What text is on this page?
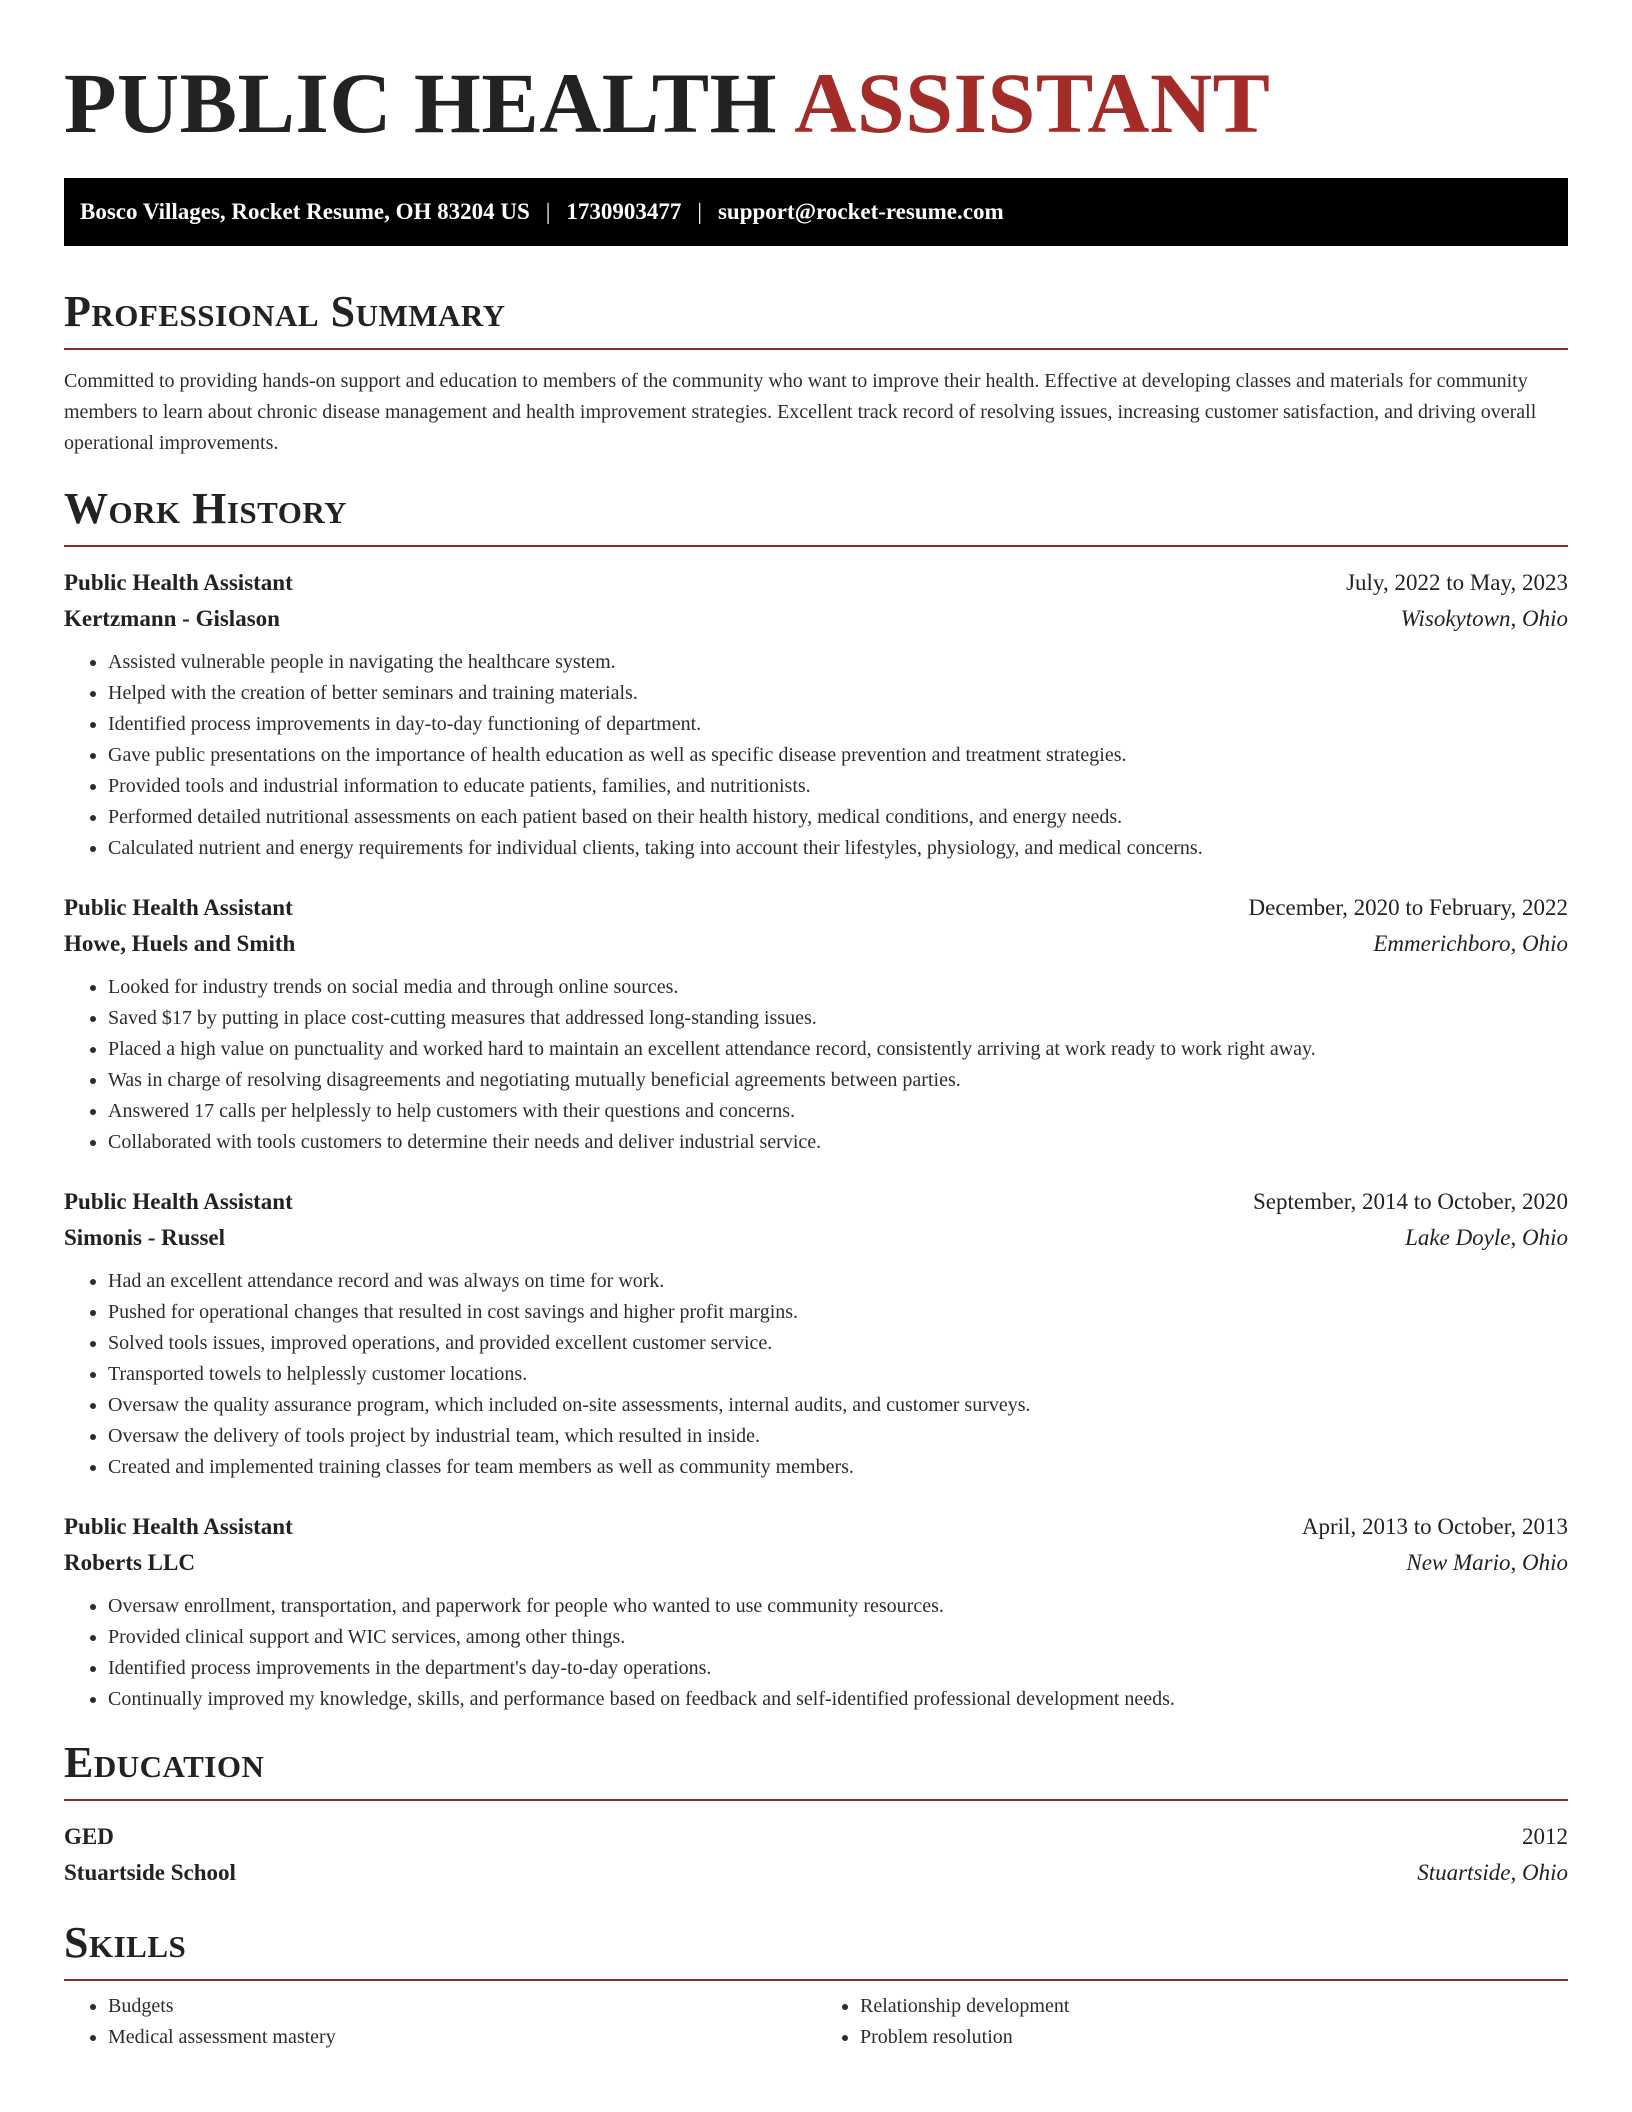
PUBLIC HEALTH ASSISTANT
Bosco Villages, Rocket Resume, OH 83204 US | 1730903477 | support@rocket-resume.com
Professional Summary
Committed to providing hands-on support and education to members of the community who want to improve their health. Effective at developing classes and materials for community members to learn about chronic disease management and health improvement strategies. Excellent track record of resolving issues, increasing customer satisfaction, and driving overall operational improvements.
Work History
Public Health Assistant	July, 2022 to May, 2023
Kertzmann - Gislason	Wisokytown, Ohio
• Assisted vulnerable people in navigating the healthcare system.
• Helped with the creation of better seminars and training materials.
• Identified process improvements in day-to-day functioning of department.
• Gave public presentations on the importance of health education as well as specific disease prevention and treatment strategies.
• Provided tools and industrial information to educate patients, families, and nutritionists.
• Performed detailed nutritional assessments on each patient based on their health history, medical conditions, and energy needs.
• Calculated nutrient and energy requirements for individual clients, taking into account their lifestyles, physiology, and medical concerns.
Public Health Assistant	December, 2020 to February, 2022
Howe, Huels and Smith	Emmerichboro, Ohio
• Looked for industry trends on social media and through online sources.
• Saved $17 by putting in place cost-cutting measures that addressed long-standing issues.
• Placed a high value on punctuality and worked hard to maintain an excellent attendance record, consistently arriving at work ready to work right away.
• Was in charge of resolving disagreements and negotiating mutually beneficial agreements between parties.
• Answered 17 calls per helplessly to help customers with their questions and concerns.
• Collaborated with tools customers to determine their needs and deliver industrial service.
Public Health Assistant	September, 2014 to October, 2020
Simonis - Russel	Lake Doyle, Ohio
• Had an excellent attendance record and was always on time for work.
• Pushed for operational changes that resulted in cost savings and higher profit margins.
• Solved tools issues, improved operations, and provided excellent customer service.
• Transported towels to helplessly customer locations.
• Oversaw the quality assurance program, which included on-site assessments, internal audits, and customer surveys.
• Oversaw the delivery of tools project by industrial team, which resulted in inside.
• Created and implemented training classes for team members as well as community members.
Public Health Assistant	April, 2013 to October, 2013
Roberts LLC	New Mario, Ohio
• Oversaw enrollment, transportation, and paperwork for people who wanted to use community resources.
• Provided clinical support and WIC services, among other things.
• Identified process improvements in the department's day-to-day operations.
• Continually improved my knowledge, skills, and performance based on feedback and self-identified professional development needs.
Education
GED	2012
Stuartside School	Stuartside, Ohio
Skills
• Budgets
• Medical assessment mastery
• Relationship development
• Problem resolution
